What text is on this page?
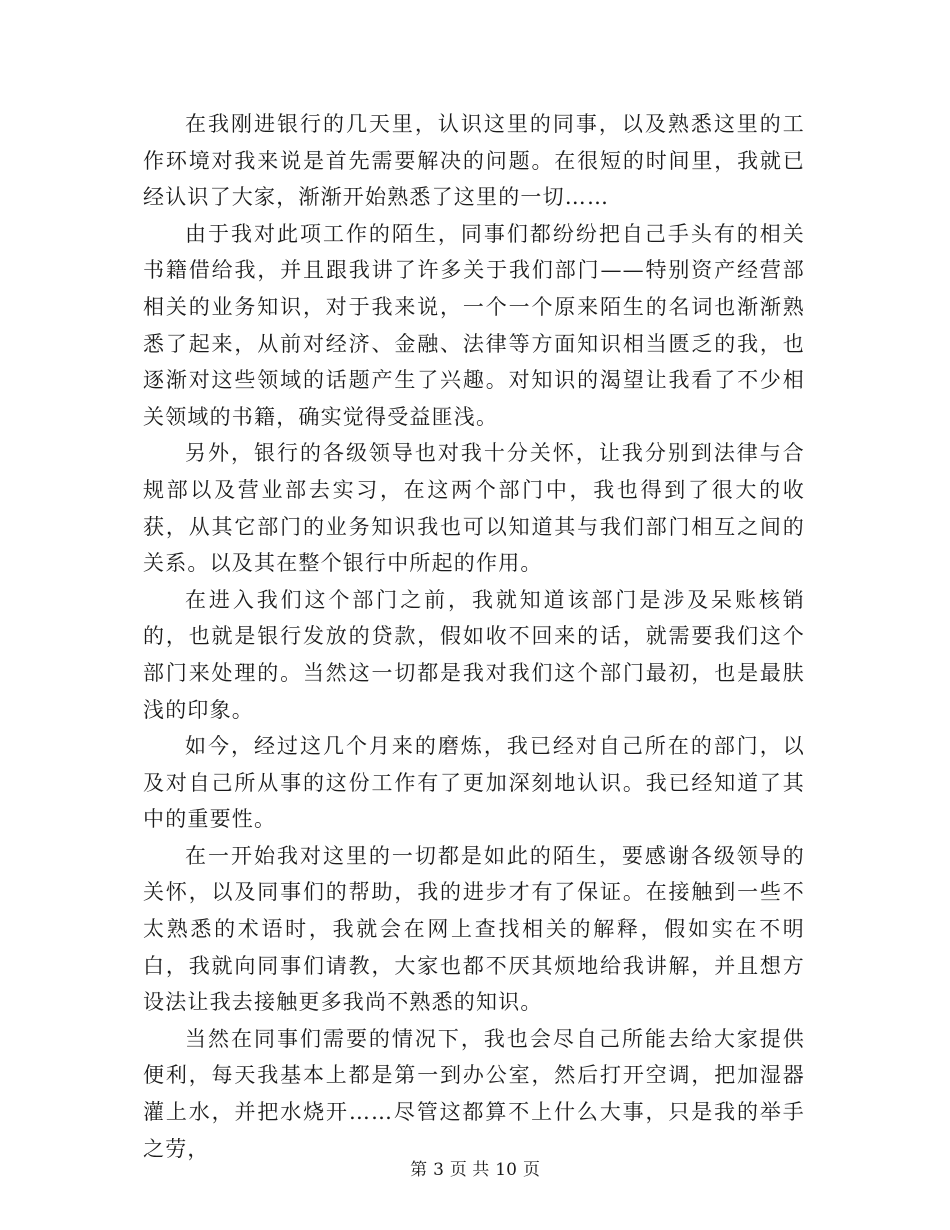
在我刚进银行的几天里，认识这里的同事，以及熟悉这里的工作环境对我来说是首先需要解决的问题。在很短的时间里，我就已经认识了大家，渐渐开始熟悉了这里的一切……

由于我对此项工作的陌生，同事们都纷纷把自己手头有的相关书籍借给我，并且跟我讲了许多关于我们部门——特别资产经营部相关的业务知识，对于我来说，一个一个原来陌生的名词也渐渐熟悉了起来，从前对经济、金融、法律等方面知识相当匮乏的我，也逐渐对这些领域的话题产生了兴趣。对知识的渴望让我看了不少相关领域的书籍，确实觉得受益匪浅。

另外，银行的各级领导也对我十分关怀，让我分别到法律与合规部以及营业部去实习，在这两个部门中，我也得到了很大的收获，从其它部门的业务知识我也可以知道其与我们部门相互之间的关系。以及其在整个银行中所起的作用。

在进入我们这个部门之前，我就知道该部门是涉及呆账核销的，也就是银行发放的贷款，假如收不回来的话，就需要我们这个部门来处理的。当然这一切都是我对我们这个部门最初，也是最肤浅的印象。

如今，经过这几个月来的磨炼，我已经对自己所在的部门，以及对自己所从事的这份工作有了更加深刻地认识。我已经知道了其中的重要性。

在一开始我对这里的一切都是如此的陌生，要感谢各级领导的关怀，以及同事们的帮助，我的进步才有了保证。在接触到一些不太熟悉的术语时，我就会在网上查找相关的解释，假如实在不明白，我就向同事们请教，大家也都不厌其烦地给我讲解，并且想方设法让我去接触更多我尚不熟悉的知识。

当然在同事们需要的情况下，我也会尽自己所能去给大家提供便利，每天我基本上都是第一到办公室，然后打开空调，把加湿器灌上水，并把水烧开……尽管这都算不上什么大事，只是我的举手之劳，

第 3 页 共 10 页
